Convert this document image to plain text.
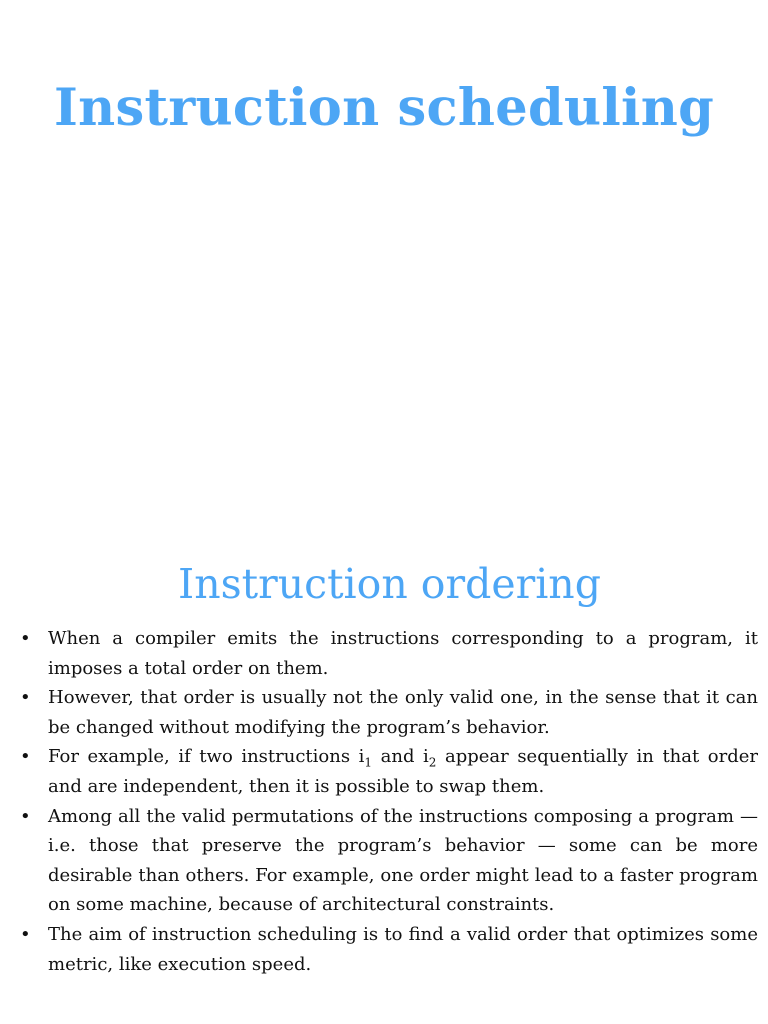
Instruction scheduling
Instruction ordering
• When a compiler emits the instructions corresponding to a program, it imposes a total order on them.
• However, that order is usually not the only valid one, in the sense that it can be changed without modifying the program’s behavior.
• For example, if two instructions $i_1$ and $i_2$ appear sequentially in that order and are independent, then it is possible to swap them.
• Among all the valid permutations of the instructions composing a program — i.e. those that preserve the program’s behavior — some can be more desirable than others. For example, one order might lead to a faster program on some machine, because of architectural constraints.
• The aim of instruction scheduling is to find a valid order that optimizes some metric, like execution speed.
